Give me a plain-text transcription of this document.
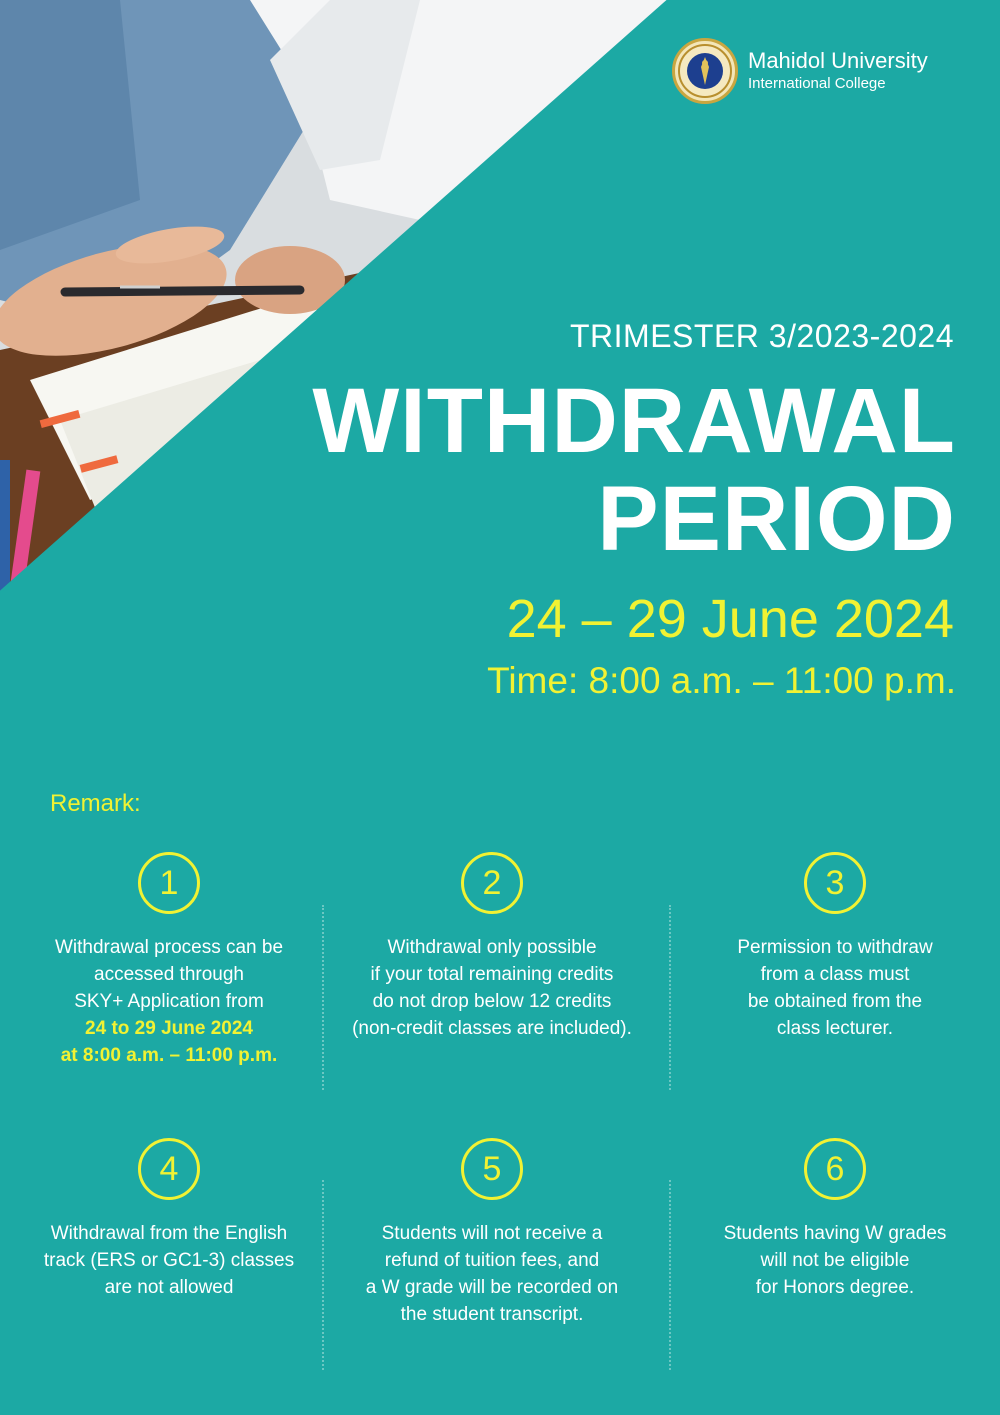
Mahidol University
International College
TRIMESTER 3/2023-2024
WITHDRAWAL
PERIOD
24 – 29 June 2024
Time: 8:00 a.m. – 11:00 p.m.
Remark:
1
Withdrawal process can be
accessed through
SKY+ Application from
24 to 29 June 2024
at 8:00 a.m. – 11:00 p.m.
2
Withdrawal only possible
if your total remaining credits
do not drop below 12 credits
(non-credit classes are included).
3
Permission to withdraw
from a class must
be obtained from the
class lecturer.
4
Withdrawal from the English
track (ERS or GC1-3) classes
are not allowed
5
Students will not receive a
refund of tuition fees, and
a W grade will be recorded on
the student transcript.
6
Students having W grades
will not be eligible
for Honors degree.
